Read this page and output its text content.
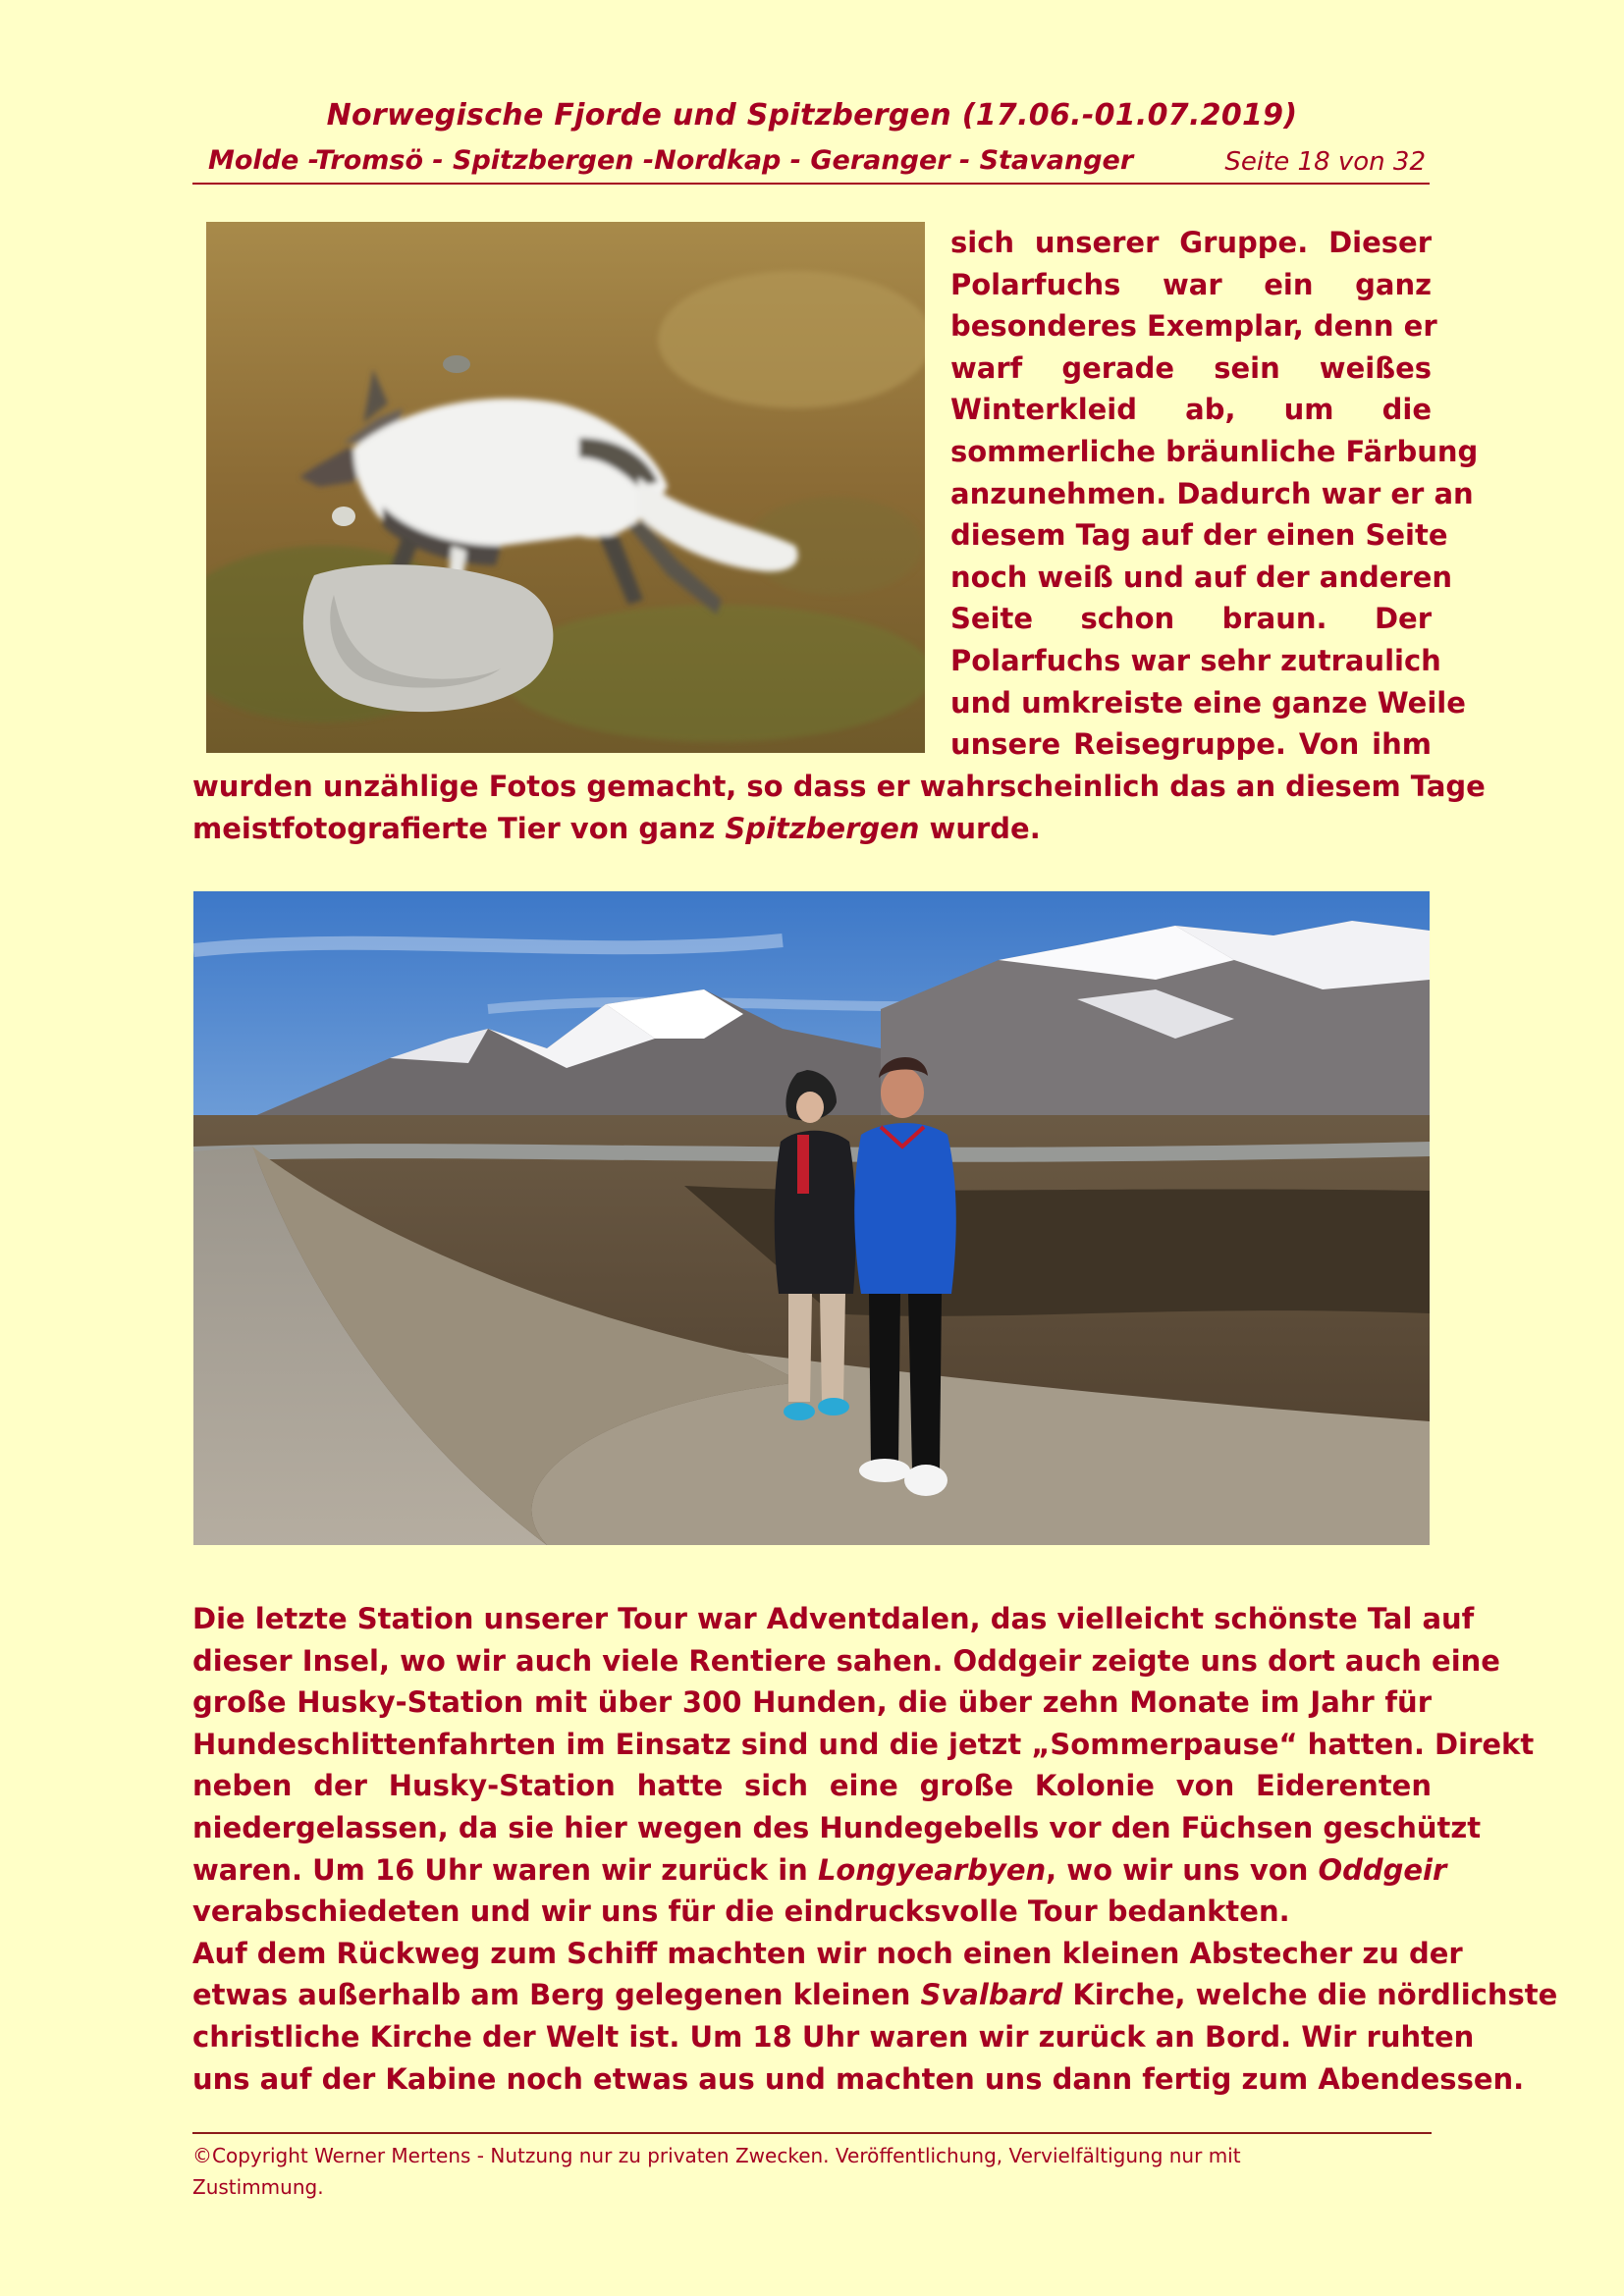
Norwegische Fjorde und Spitzbergen (17.06.-01.07.2019)
Molde -Tromsö - Spitzbergen -Nordkap - Geranger - Stavanger	Seite 18 von 32
sich unserer Gruppe. Dieser
Polarfuchs war ein ganz
besonderes Exemplar, denn er
warf gerade sein weißes
Winterkleid ab, um die
sommerliche bräunliche Färbung
anzunehmen. Dadurch war er an
diesem Tag auf der einen Seite
noch weiß und auf der anderen
Seite schon braun. Der
Polarfuchs war sehr zutraulich
und umkreiste eine ganze Weile
unsere Reisegruppe. Von ihm
wurden unzählige Fotos gemacht, so dass er wahrscheinlich das an diesem Tage
meistfotografierte Tier von ganz Spitzbergen wurde.
Die letzte Station unserer Tour war Adventdalen, das vielleicht schönste Tal auf
dieser Insel, wo wir auch viele Rentiere sahen. Oddgeir zeigte uns dort auch eine
große Husky-Station mit über 300 Hunden, die über zehn Monate im Jahr für
Hundeschlittenfahrten im Einsatz sind und die jetzt „Sommerpause“ hatten. Direkt
neben der Husky-Station hatte sich eine große Kolonie von Eiderenten
niedergelassen, da sie hier wegen des Hundegebells vor den Füchsen geschützt
waren. Um 16 Uhr waren wir zurück in Longyearbyen, wo wir uns von Oddgeir
verabschiedeten und wir uns für die eindrucksvolle Tour bedankten.
Auf dem Rückweg zum Schiff machten wir noch einen kleinen Abstecher zu der
etwas außerhalb am Berg gelegenen kleinen Svalbard Kirche, welche die nördlichste
christliche Kirche der Welt ist. Um 18 Uhr waren wir zurück an Bord. Wir ruhten
uns auf der Kabine noch etwas aus und machten uns dann fertig zum Abendessen.
©Copyright Werner Mertens - Nutzung nur zu privaten Zwecken. Veröffentlichung, Vervielfältigung nur mit
Zustimmung.
